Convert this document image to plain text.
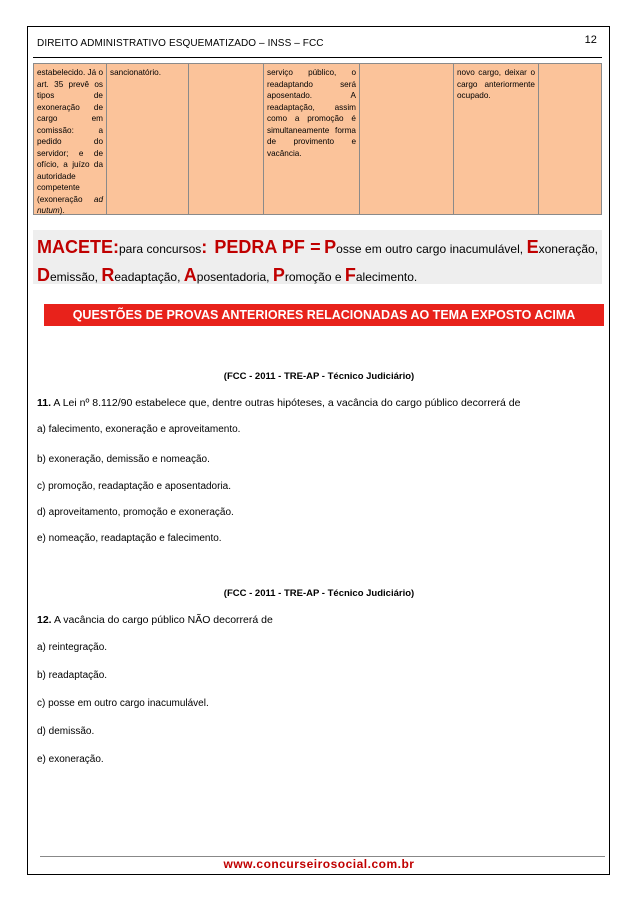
DIREITO ADMINISTRATIVO ESQUEMATIZADO – INSS – FCC	12
estabelecido. Já o art. 35 prevê os tipos de exoneração de cargo em comissão: a pedido do servidor; e de ofício, a juízo da autoridade competente (exoneração ad nutum).
sancionatório.	serviço público, o readaptando será aposentado. A readaptação, assim como a promoção é simultaneamente forma de provimento e vacância.
novo cargo, deixar o cargo anteriormente ocupado.
MACETE:para concursos: PEDRA PF = Posse em outro cargo inacumulável, Exoneração, Demissão, Readaptação, Aposentadoria, Promoção e Falecimento.
QUESTÕES DE PROVAS ANTERIORES RELACIONADAS AO TEMA EXPOSTO ACIMA
(FCC - 2011 - TRE-AP - Técnico Judiciário)
11. A Lei nº 8.112/90 estabelece que, dentre outras hipóteses, a vacância do cargo público decorrerá de
a) falecimento, exoneração e aproveitamento.
b) exoneração, demissão e nomeação.
c) promoção, readaptação e aposentadoria.
d) aproveitamento, promoção e exoneração.
e) nomeação, readaptação e falecimento.
(FCC - 2011 - TRE-AP - Técnico Judiciário)
12. A vacância do cargo público NÃO decorrerá de
a) reintegração.
b) readaptação.
c) posse em outro cargo inacumulável.
d) demissão.
e) exoneração.
www.concurseirosocial.com.br
